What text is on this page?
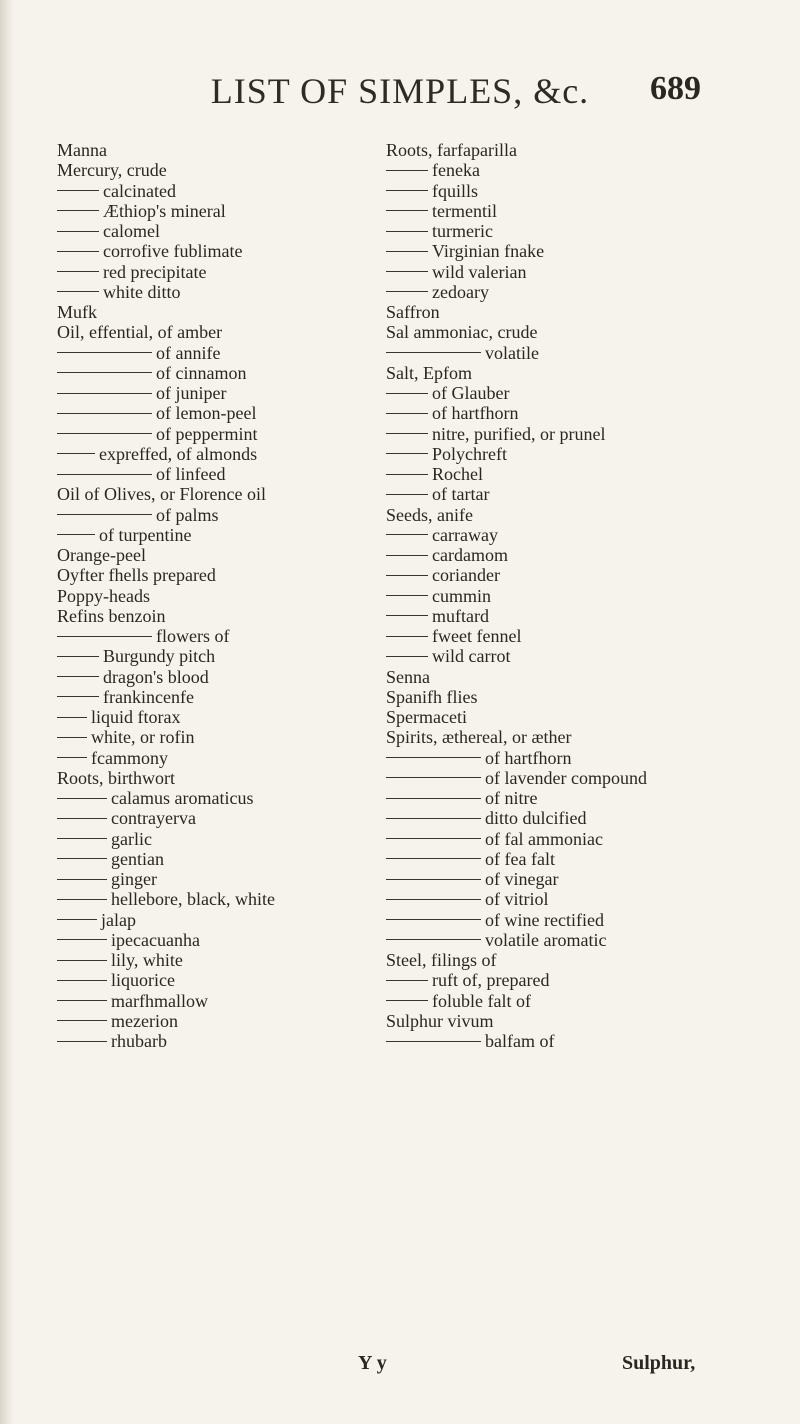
LIST OF SIMPLES, &c.	689
Manna
Mercury, crude
calcinated
Æthiop's mineral
calomel
corrofive fublimate
red precipitate
white ditto
Mufk
Oil, effential, of amber
of annife
of cinnamon
of juniper
of lemon-peel
of peppermint
expreffed, of almonds
of linfeed
Oil of Olives, or Florence oil
of palms
of turpentine
Orange-peel
Oyfter fhells prepared
Poppy-heads
Refins benzoin
flowers of
Burgundy pitch
dragon's blood
frankincenfe
liquid ftorax
white, or rofin
fcammony
Roots, birthwort
calamus aromaticus
contrayerva
garlic
gentian
ginger
hellebore, black, white
jalap
ipecacuanha
lily, white
liquorice
marfhmallow
mezerion
rhubarb
Roots, farfaparilla
feneka
fquills
termentil
turmeric
Virginian fnake
wild valerian
zedoary
Saffron
Sal ammoniac, crude
volatile
Salt, Epfom
of Glauber
of hartfhorn
nitre, purified, or prunel
Polychreft
Rochel
of tartar
Seeds, anife
carraway
cardamom
coriander
cummin
muftard
fweet fennel
wild carrot
Senna
Spanifh flies
Spermaceti
Spirits, æthereal, or æther
of hartfhorn
of lavender compound
of nitre
ditto dulcified
of fal ammoniac
of fea falt
of vinegar
of vitriol
of wine rectified
volatile aromatic
Steel, filings of
ruft of, prepared
foluble falt of
Sulphur vivum
balfam of
Y y	Sulphur,
